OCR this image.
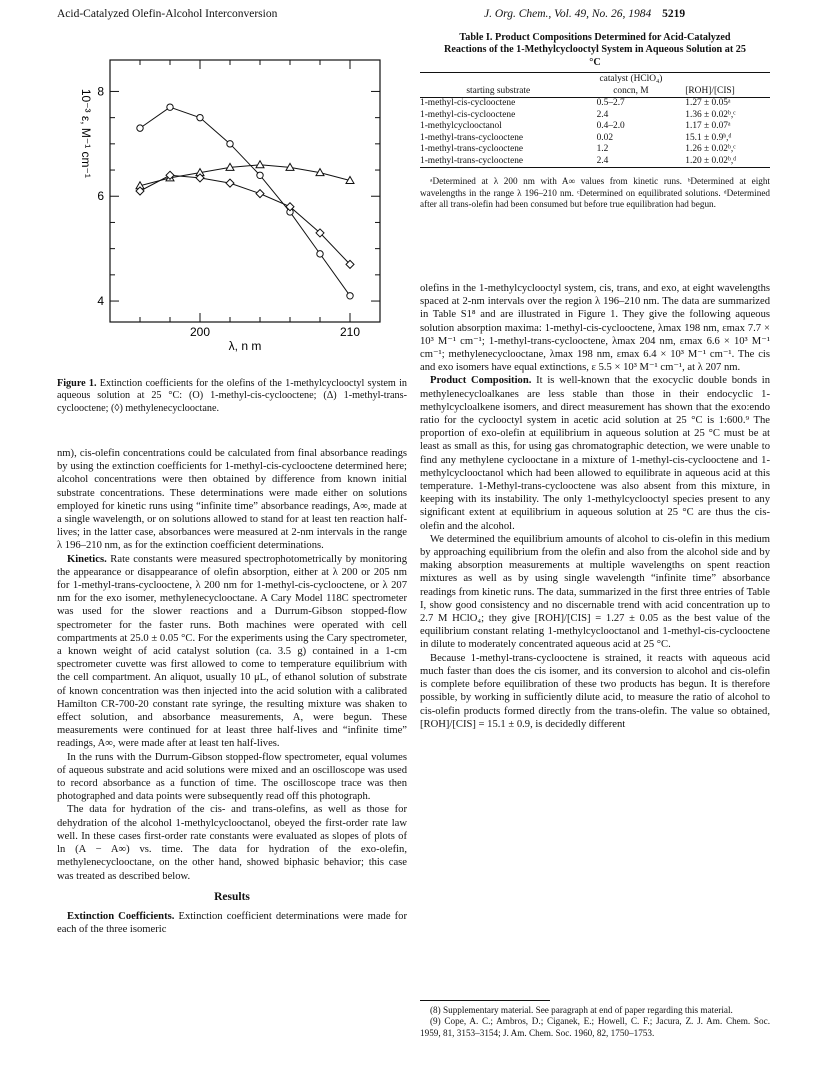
Acid-Catalyzed Olefin-Alcohol Interconversion	J. Org. Chem., Vol. 49, No. 26, 1984 5219
200	210
4
6
8
λ, n m
10⁻³ ε, M⁻¹ cm⁻¹

Figure 1. Extinction coefficients for the olefins of the 1-methylcyclooctyl system in aqueous solution at 25 °C: (O) 1-methyl-cis-cyclooctene; (Δ) 1-methyl-trans-cyclooctene; (◊) methylenecyclooctane.

nm), cis-olefin concentrations could be calculated from final absorbance readings by using the extinction coefficients for 1-methyl-cis-cyclooctene determined here; alcohol concentrations were then obtained by difference from known initial substrate concentrations. These determinations were made either on solutions employed for kinetic runs using “infinite time” absorbance readings, A∞, made at a single wavelength, or on solutions allowed to stand for at least ten reaction half-lives; in the latter case, absorbances were measured at 2-nm intervals in the range λ 196–210 nm, as for the extinction coefficient determinations.

Kinetics. Rate constants were measured spectrophotometrically by monitoring the appearance or disappearance of olefin absorption, either at λ 200 or 205 nm for 1-methyl-trans-cyclooctene, λ 200 nm for 1-methyl-cis-cyclooctene, or λ 207 nm for the exo isomer, methylenecyclooctane. A Cary Model 118C spectrometer was used for the slower reactions and a Durrum-Gibson stopped-flow spectrometer for the faster runs. Both machines were operated with cell compartments at 25.0 ± 0.05 °C. For the experiments using the Cary spectrometer, a known weight of acid catalyst solution (ca. 3.5 g) contained in a 1-cm spectrometer cuvette was first allowed to come to temperature equilibrium with the cell compartment. An aliquot, usually 10 μL, of ethanol solution of substrate of known concentration was then injected into the acid solution with a calibrated Hamilton CR-700-20 constant rate syringe, the resulting mixture was shaken to effect solution, and absorbance measurements, A, were begun. These measurements were continued for at least three half-lives and “infinite time” readings, A∞, were made after at least ten half-lives.

In the runs with the Durrum-Gibson stopped-flow spectrometer, equal volumes of aqueous substrate and acid solutions were mixed and an oscilloscope was used to record absorbance as a function of time. The oscilloscope trace was then photographed and data points were subsequently read off this photograph.

The data for hydration of the cis- and trans-olefins, as well as those for dehydration of the alcohol 1-methylcyclooctanol, obeyed the first-order rate law well. In these cases first-order rate constants were evaluated as slopes of plots of ln (A − A∞) vs. time. The data for hydration of the exo-olefin, methylenecyclooctane, on the other hand, showed biphasic behavior; this case was treated as described below.

Results

Extinction Coefficients. Extinction coefficient determinations were made for each of the three isomeric

Table I. Product Compositions Determined for Acid-Catalyzed Reactions of the 1-Methylcyclooctyl System in Aqueous Solution at 25 °C
	catalyst (HClO₄)	
starting substrate	concn, M	[ROH]/[CIS]

1-methyl-cis-cyclooctene	0.5–2.7	1.27 ± 0.05ᵃ
1-methyl-cis-cyclooctene	2.4	1.36 ± 0.02ᵇ,ᶜ
1-methylcyclooctanol	0.4–2.0	1.17 ± 0.07ᵃ
1-methyl-trans-cyclooctene	0.02	15.1 ± 0.9ᵇ,ᵈ
1-methyl-trans-cyclooctene	1.2	1.26 ± 0.02ᵇ,ᶜ
1-methyl-trans-cyclooctene	2.4	1.20 ± 0.02ᵇ,ᵈ
ᵃDetermined at λ 200 nm with A∞ values from kinetic runs. ᵇDetermined at eight wavelengths in the range λ 196–210 nm. ᶜDetermined on equilibrated solutions. ᵈDetermined after all trans-olefin had been consumed but before true equilibration had begun.

olefins in the 1-methylcyclooctyl system, cis, trans, and exo, at eight wavelengths spaced at 2-nm intervals over the region λ 196–210 nm. The data are summarized in Table S1⁸ and are illustrated in Figure 1. They give the following aqueous solution absorption maxima: 1-methyl-cis-cyclooctene, λmax 198 nm, εmax 7.7 × 10³ M⁻¹ cm⁻¹; 1-methyl-trans-cyclooctene, λmax 204 nm, εmax 6.6 × 10³ M⁻¹ cm⁻¹; methylenecyclooctane, λmax 198 nm, εmax 6.4 × 10³ M⁻¹ cm⁻¹. The cis and exo isomers have equal extinctions, ε 5.5 × 10³ M⁻¹ cm⁻¹, at λ 207 nm.

Product Composition. It is well-known that the exocyclic double bonds in methylenecycloalkanes are less stable than those in their endocyclic 1-methylcycloalkene isomers, and direct measurement has shown that the exo:endo ratio for the cyclooctyl system in acetic acid solution at 25 °C is 1:600.⁹ The proportion of exo-olefin at equilibrium in aqueous solution at 25 °C must be at least as small as this, for using gas chromatographic detection, we were unable to find any methylene cyclooctane in a mixture of 1-methyl-cis-cyclooctene and 1-methylcyclooctanol which had been allowed to equilibrate in aqueous acid at this temperature. 1-Methyl-trans-cyclooctene was also absent from this mixture, in keeping with its instability. The only 1-methylcyclooctyl species present to any significant extent at equilibrium in aqueous solution at 25 °C are thus the cis-olefin and the alcohol.

We determined the equilibrium amounts of alcohol to cis-olefin in this medium by approaching equilibrium from the olefin and also from the alcohol side and by making absorption measurements at multiple wavelengths on spent reaction mixtures as well as by using single wavelength “infinite time” absorbance readings from kinetic runs. The data, summarized in the first three entries of Table I, show good consistency and no discernable trend with acid concentration up to 2.7 M HClO₄; they give [ROH]/[CIS] = 1.27 ± 0.05 as the best value of the equilibrium constant relating 1-methylcyclooctanol and 1-methyl-cis-cyclooctene in dilute to moderately concentrated aqueous acid at 25 °C.

Because 1-methyl-trans-cyclooctene is strained, it reacts with aqueous acid much faster than does the cis isomer, and its conversion to alcohol and cis-olefin is complete before equilibration of these two products has begun. It is therefore possible, by working in sufficiently dilute acid, to measure the ratio of alcohol to cis-olefin products formed directly from the trans-olefin. The value so obtained, [ROH]/[CIS] = 15.1 ± 0.9, is decidedly different

(8) Supplementary material. See paragraph at end of paper regarding this material.
(9) Cope, A. C.; Ambros, D.; Ciganek, E.; Howell, C. F.; Jacura, Z. J. Am. Chem. Soc. 1959, 81, 3153–3154; J. Am. Chem. Soc. 1960, 82, 1750–1753.
